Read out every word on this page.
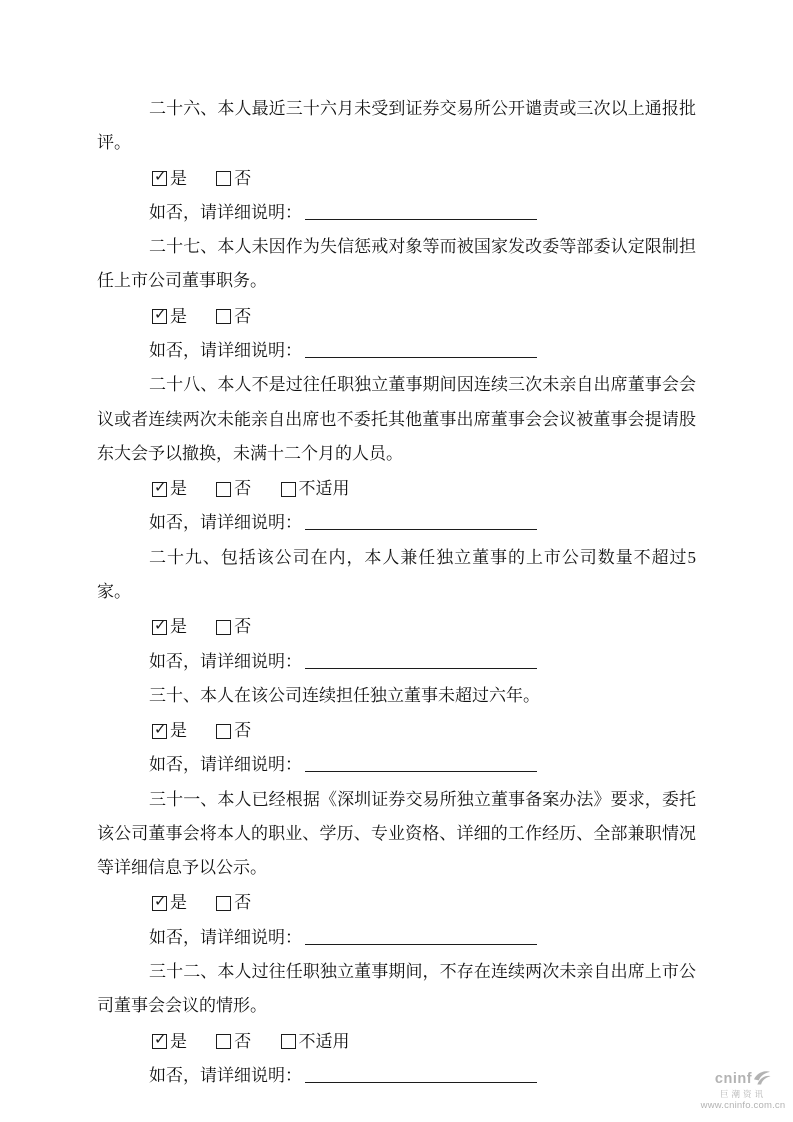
二十六、本人最近三十六月未受到证券交易所公开谴责或三次以上通报批评。

✓
是
	否
如否，请详细说明：

二十七、本人未因作为失信惩戒对象等而被国家发改委等部委认定限制担任上市公司董事职务。

✓
是
	否
如否，请详细说明：

二十八、本人不是过往任职独立董事期间因连续三次未亲自出席董事会会议或者连续两次未能亲自出席也不委托其他董事出席董事会会议被董事会提请股东大会予以撤换，未满十二个月的人员。

✓
是
	否
	不适用
如否，请详细说明：

二十九、包括该公司在内，本人兼任独立董事的上市公司数量不超过5 家。

✓
是
	否
如否，请详细说明：

三十、本人在该公司连续担任独立董事未超过六年。

✓
是
	否
如否，请详细说明：

三十一、本人已经根据《深圳证券交易所独立董事备案办法》要求，委托该公司董事会将本人的职业、学历、专业资格、详细的工作经历、全部兼职情况等详细信息予以公示。

✓
是
	否
如否，请详细说明：

三十二、本人过往任职独立董事期间，不存在连续两次未亲自出席上市公司董事会会议的情形。

✓
是
	否
	不适用
如否，请详细说明：	cninf
巨潮资讯
www.cninfo.com.cn
